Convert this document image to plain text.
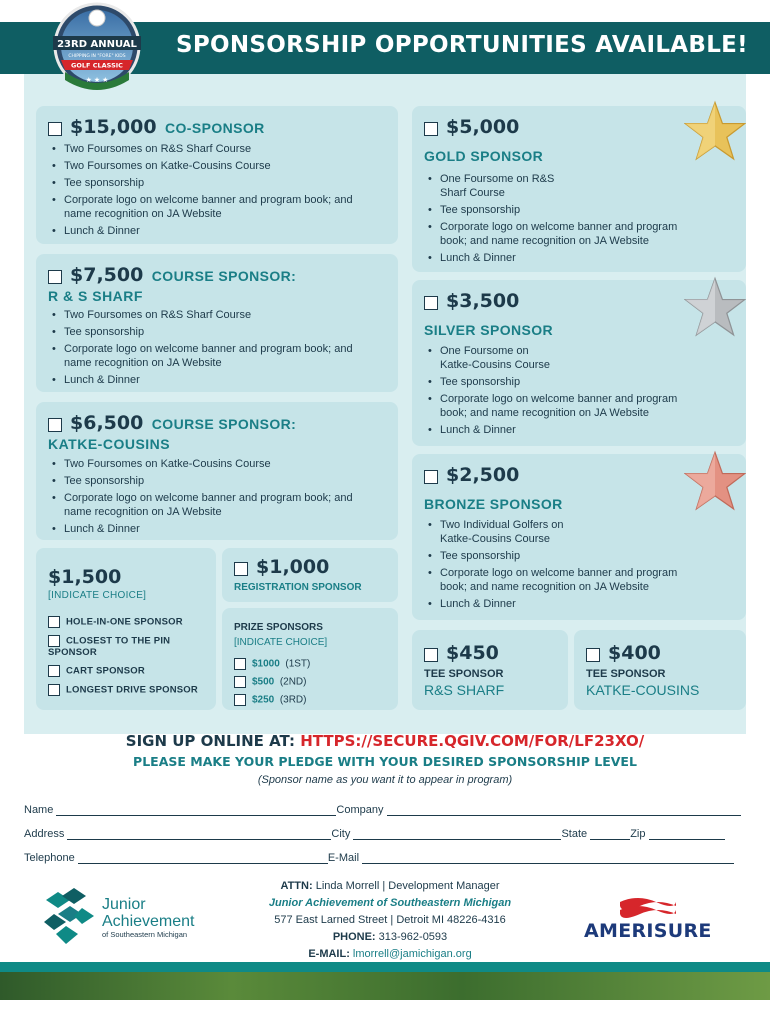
SPONSORSHIP OPPORTUNITIES AVAILABLE!
23RD ANNUAL
CHIPPING IN "FORE" KIDS
GOLF CLASSIC
★ ★ ★
$15,000 CO-SPONSOR
• Two Foursomes on R&S Sharf Course
• Two Foursomes on Katke-Cousins Course
• Tee sponsorship
• Corporate logo on welcome banner and program book; and name recognition on JA Website
• Lunch & Dinner
$7,500 COURSE SPONSOR:
R & S SHARF
• Two Foursomes on R&S Sharf Course
• Tee sponsorship
• Corporate logo on welcome banner and program book; and name recognition on JA Website
• Lunch & Dinner
$6,500 COURSE SPONSOR:
KATKE-COUSINS
• Two Foursomes on Katke-Cousins Course
• Tee sponsorship
• Corporate logo on welcome banner and program book; and name recognition on JA Website
• Lunch & Dinner
$1,500
[INDICATE CHOICE]
HOLE-IN-ONE SPONSOR
CLOSEST TO THE PIN SPONSOR
CART SPONSOR
LONGEST DRIVE SPONSOR
$1,000
REGISTRATION SPONSOR
PRIZE SPONSORS
[INDICATE CHOICE]
$1000 (1ST)
$500 (2ND)
$250 (3RD)
$5,000
GOLD SPONSOR
• One Foursome on R&S Sharf Course
• Tee sponsorship
• Corporate logo on welcome banner and program book; and name recognition on JA Website
• Lunch & Dinner
$3,500
SILVER SPONSOR
• One Foursome on Katke-Cousins Course
• Tee sponsorship
• Corporate logo on welcome banner and program book; and name recognition on JA Website
• Lunch & Dinner
$2,500
BRONZE SPONSOR
• Two Individual Golfers on Katke-Cousins Course
• Tee sponsorship
• Corporate logo on welcome banner and program book; and name recognition on JA Website
• Lunch & Dinner
$450
TEE SPONSOR
R&S SHARF
$400
TEE SPONSOR
KATKE-COUSINS
SIGN UP ONLINE AT: HTTPS://SECURE.QGIV.COM/FOR/LF23XO/
PLEASE MAKE YOUR PLEDGE WITH YOUR DESIRED SPONSORSHIP LEVEL
(Sponsor name as you want it to appear in program)
Name	Company
Address	City	State	Zip
Telephone	E-Mail
Junior
Achievement
of Southeastern Michigan
ATTN: Linda Morrell | Development Manager
Junior Achievement of Southeastern Michigan
577 East Larned Street | Detroit MI 48226-4316
PHONE: 313-962-0593
E-MAIL: lmorrell@jamichigan.org
AMERISURE
